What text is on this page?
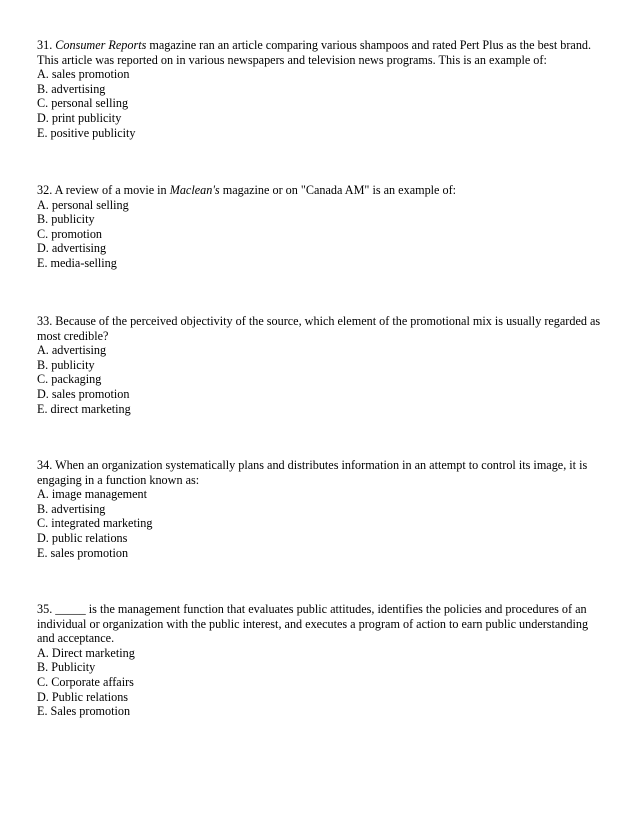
31. Consumer Reports magazine ran an article comparing various shampoos and rated Pert Plus as the best brand. This article was reported on in various newspapers and television news programs. This is an example of:

A. sales promotion
B. advertising
C. personal selling
D. print publicity
E. positive publicity

32. A review of a movie in Maclean's magazine or on "Canada AM" is an example of:

A. personal selling
B. publicity
C. promotion
D. advertising
E. media-selling

33. Because of the perceived objectivity of the source, which element of the promotional mix is usually regarded as most credible?

A. advertising
B. publicity
C. packaging
D. sales promotion
E. direct marketing

34. When an organization systematically plans and distributes information in an attempt to control its image, it is engaging in a function known as:

A. image management
B. advertising
C. integrated marketing
D. public relations
E. sales promotion

35. _____ is the management function that evaluates public attitudes, identifies the policies and procedures of an individual or organization with the public interest, and executes a program of action to earn public understanding and acceptance.

A. Direct marketing
B. Publicity
C. Corporate affairs
D. Public relations
E. Sales promotion
